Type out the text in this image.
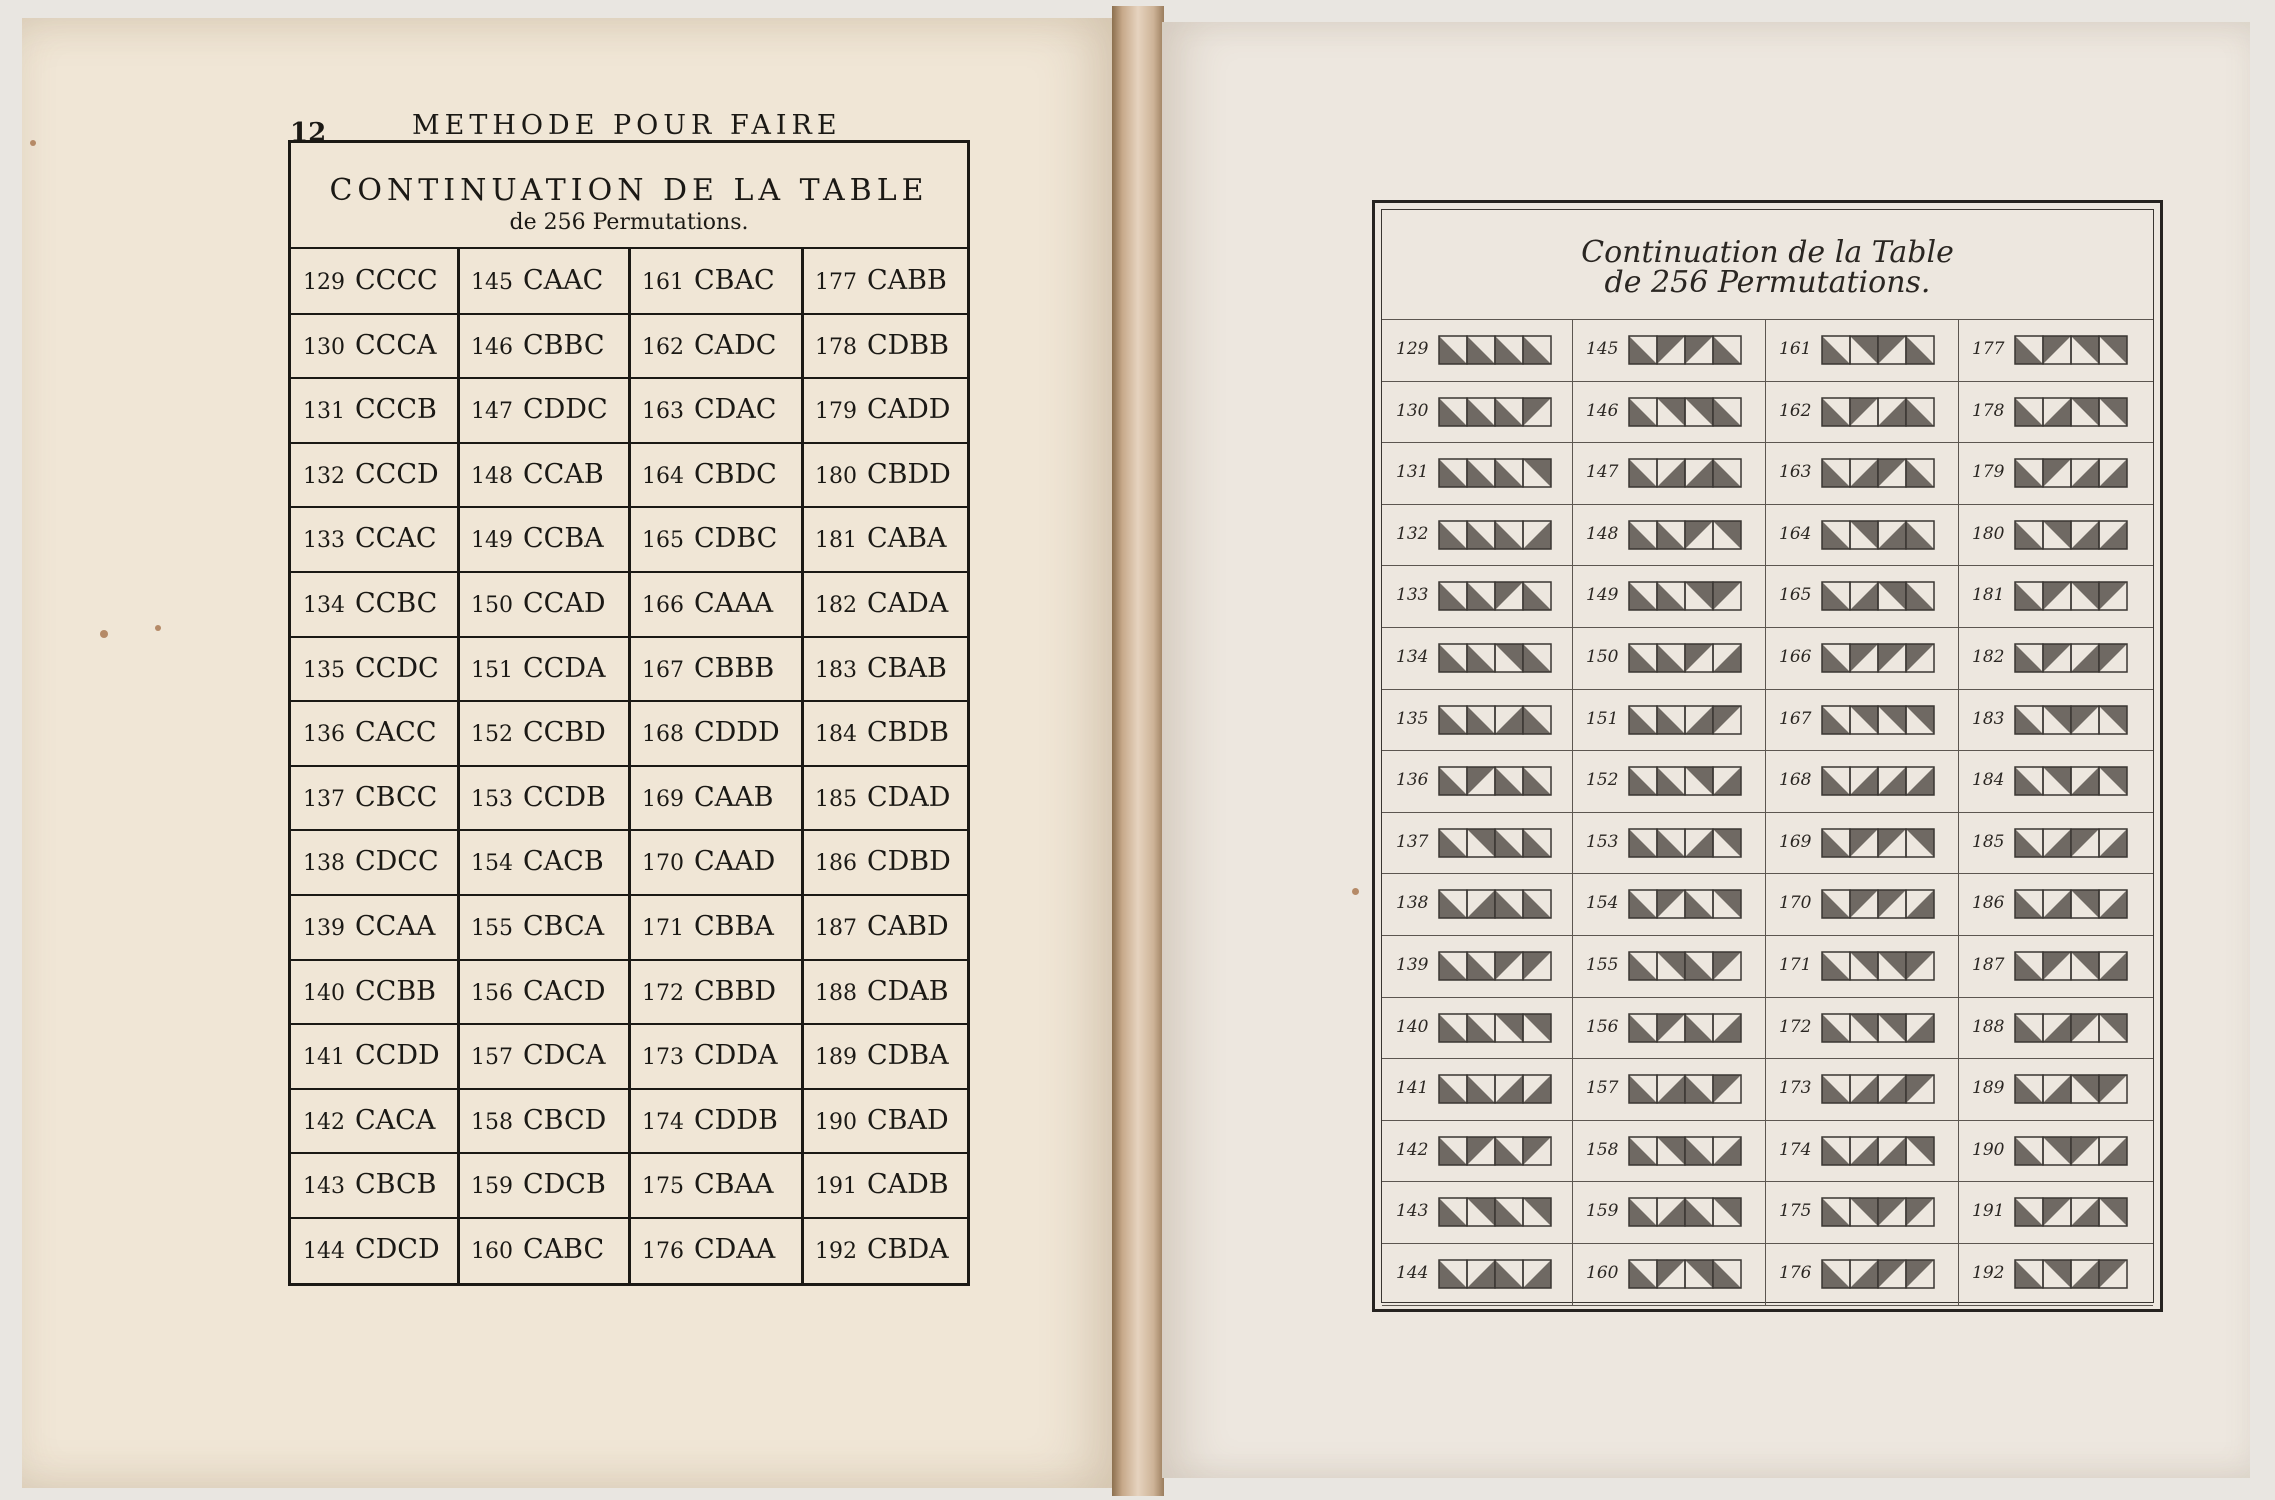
12	METHODE POUR FAIRE
CONTINUATION DE LA TABLE
de 256 Permutations.
129 CCCC
130 CCCA
131 CCCB
132 CCCD
133 CCAC
134 CCBC
135 CCDC
136 CACC
137 CBCC
138 CDCC
139 CCAA
140 CCBB
141 CCDD
142 CACA
143 CBCB
144 CDCD
145 CAAC
146 CBBC
147 CDDC
148 CCAB
149 CCBA
150 CCAD
151 CCDA
152 CCBD
153 CCDB
154 CACB
155 CBCA
156 CACD
157 CDCA
158 CBCD
159 CDCB
160 CABC
161 CBAC
162 CADC
163 CDAC
164 CBDC
165 CDBC
166 CAAA
167 CBBB
168 CDDD
169 CAAB
170 CAAD
171 CBBA
172 CBBD
173 CDDA
174 CDDB
175 CBAA
176 CDAA
177 CABB
178 CDBB
179 CADD
180 CBDD
181 CABA
182 CADA
183 CBAB
184 CBDB
185 CDAD
186 CDBD
187 CABD
188 CDAB
189 CDBA
190 CBAD
191 CADB
192 CBDA
Continuation de la Table
de 256 Permutations.
129
130
131
132
133
134
135
136
137
138
139
140
141
142
143
144
145
146
147
148
149
150
151
152
153
154
155
156
157
158
159
160
161
162
163
164
165
166
167
168
169
170
171
172
173
174
175
176
177
178
179
180
181
182
183
184
185
186
187
188
189
190
191
192
